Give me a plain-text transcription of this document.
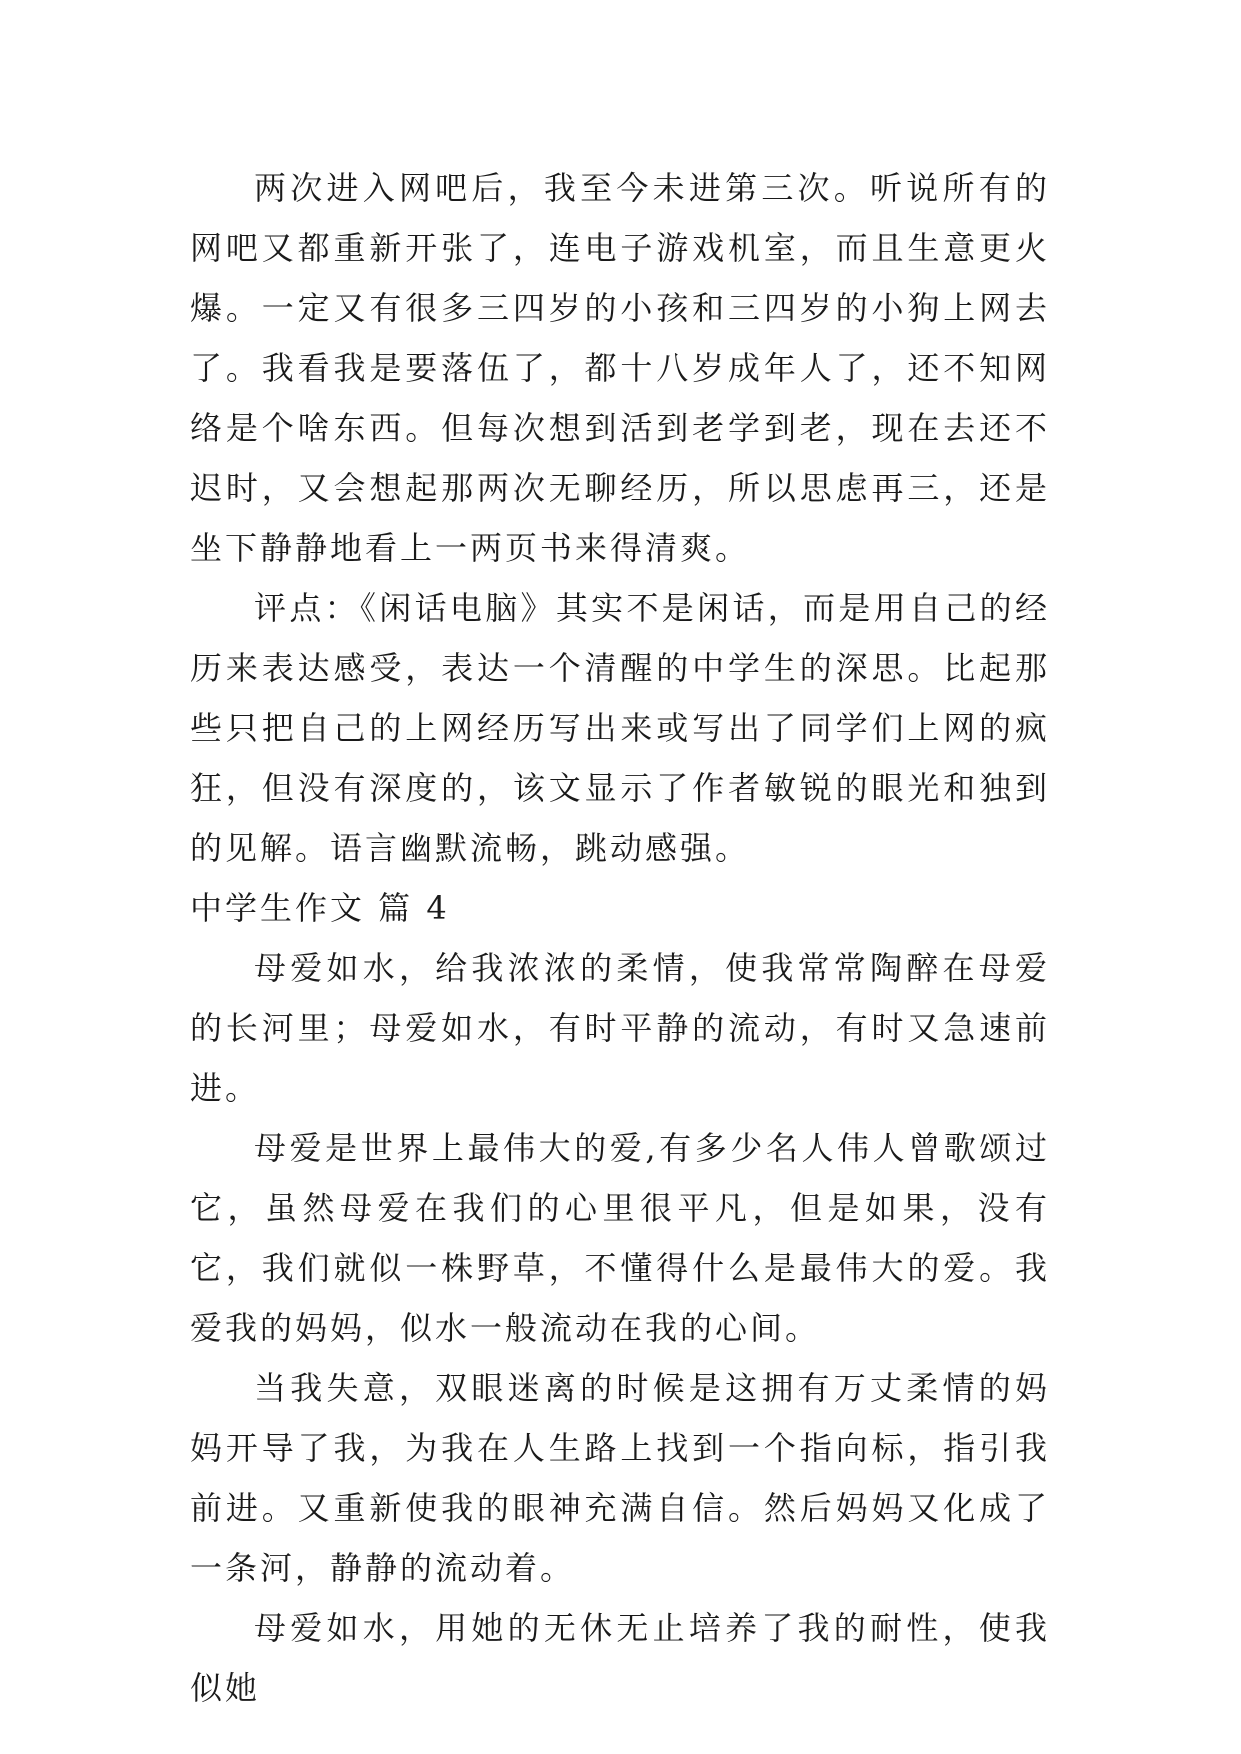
两次进入网吧后，我至今未进第三次。听说所有的网吧又都重新开张了，连电子游戏机室，而且生意更火爆。一定又有很多三四岁的小孩和三四岁的小狗上网去了。我看我是要落伍了，都十八岁成年人了，还不知网络是个啥东西。但每次想到活到老学到老，现在去还不迟时，又会想起那两次无聊经历，所以思虑再三，还是坐下静静地看上一两页书来得清爽。

评点：《闲话电脑》其实不是闲话，而是用自己的经历来表达感受，表达一个清醒的中学生的深思。比起那些只把自己的上网经历写出来或写出了同学们上网的疯狂，但没有深度的，该文显示了作者敏锐的眼光和独到的见解。语言幽默流畅，跳动感强。

中学生作文 篇 4

母爱如水，给我浓浓的柔情，使我常常陶醉在母爱的长河里；母爱如水，有时平静的流动，有时又急速前进。

母爱是世界上最伟大的爱,有多少名人伟人曾歌颂过它，虽然母爱在我们的心里很平凡，但是如果，没有它，我们就似一株野草，不懂得什么是最伟大的爱。我爱我的妈妈，似水一般流动在我的心间。

当我失意，双眼迷离的时候是这拥有万丈柔情的妈妈开导了我，为我在人生路上找到一个指向标，指引我前进。又重新使我的眼神充满自信。然后妈妈又化成了一条河，静静的流动着。

母爱如水，用她的无休无止培养了我的耐性，使我似她
